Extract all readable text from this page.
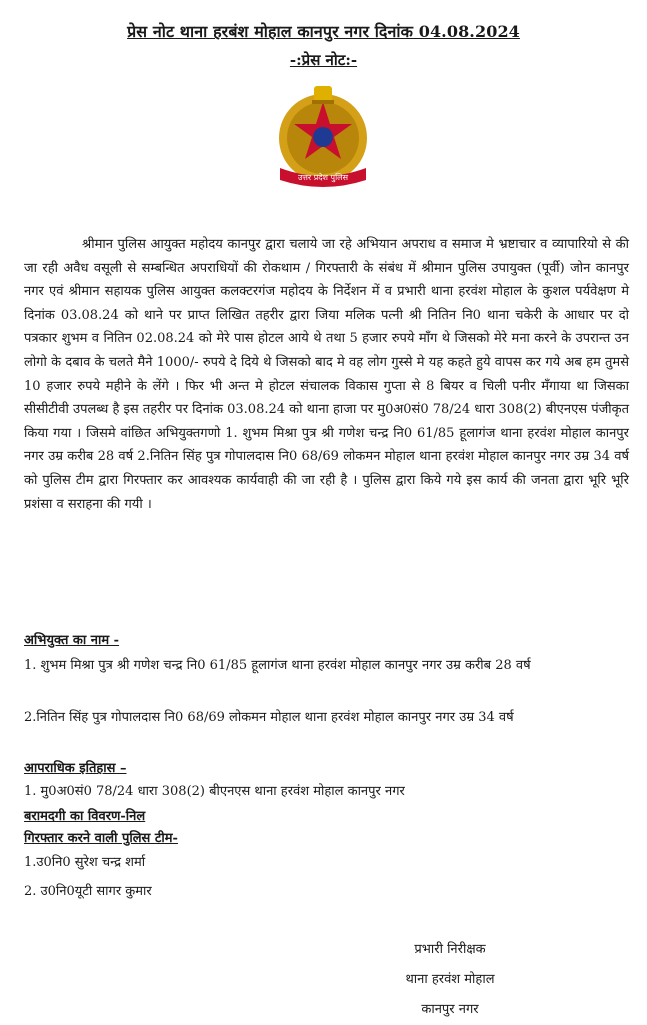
प्रेस नोट थाना हरबंश मोहाल कानपुर नगर दिनांक 04.08.2024
-:प्रेस नोट:-
उत्तर प्रदेश पुलिस
श्रीमान पुलिस आयुक्त महोदय कानपुर द्वारा चलाये जा रहे अभियान अपराध व समाज मे भ्रष्टाचार व व्यापारियो से की जा रही अवैध वसूली से सम्बन्धित अपराधियों की रोकथाम / गिरफ्तारी के संबंध में श्रीमान पुलिस उपायुक्त (पूर्वी) जोन कानपुर नगर एवं श्रीमान सहायक पुलिस आयुक्त कलक्टरगंज महोदय के निर्देशन में व प्रभारी थाना हरवंश मोहाल के कुशल पर्यवेक्षण मे दिनांक 03.08.24 को थाने पर प्राप्त लिखित तहरीर द्वारा जिया मलिक पत्नी श्री नितिन नि0 थाना चकेरी के आधार पर दो पत्रकार शुभम व नितिन 02.08.24 को मेरे पास होटल आये थे तथा 5 हजार रुपये माँग थे जिसको मेरे मना करने के उपरान्त उन लोगो के दबाव के चलते मैने 1000/- रुपये दे दिये थे जिसको बाद मे वह लोग गुस्से मे यह कहते हुये वापस कर गये अब हम तुमसे 10 हजार रुपये महीने के लेंगे । फिर भी अन्त मे होटल संचालक विकास गुप्ता से 8 बियर व चिली पनीर मँगाया था जिसका सीसीटीवी उपलब्ध है इस तहरीर पर दिनांक 03.08.24 को थाना हाजा पर मु0अ0सं0 78/24 धारा 308(2) बीएनएस पंजीकृत किया गया । जिसमे वांछित अभियुक्तगणो 1. शुभम मिश्रा पुत्र श्री गणेश चन्द्र नि0 61/85 हूलागंज थाना हरवंश मोहाल कानपुर नगर उम्र करीब 28 वर्ष 2.नितिन सिंह पुत्र गोपालदास नि0 68/69 लोकमन मोहाल थाना हरवंश मोहाल कानपुर नगर उम्र 34 वर्ष को पुलिस टीम द्वारा गिरफ्तार कर आवश्यक कार्यवाही की जा रही है । पुलिस द्वारा किये गये इस कार्य की जनता द्वारा भूरि भूरि प्रशंसा व सराहना की गयी ।
अभियुक्त का नाम -
1. शुभम मिश्रा पुत्र श्री गणेश चन्द्र नि0 61/85 हूलागंज थाना हरवंश मोहाल कानपुर नगर उम्र करीब 28 वर्ष
2.नितिन सिंह पुत्र गोपालदास नि0 68/69 लोकमन मोहाल थाना हरवंश मोहाल कानपुर नगर उम्र 34 वर्ष
आपराधिक इतिहास –
1. मु0अ0सं0 78/24 धारा 308(2) बीएनएस थाना हरवंश मोहाल कानपुर नगर
बरामदगी का विवरण-निल
गिरफ्तार करने वाली पुलिस टीम-
1.उ0नि0 सुरेश चन्द्र शर्मा
2. उ0नि0यूटी सागर कुमार
प्रभारी निरीक्षक
थाना हरवंश मोहाल
कानपुर नगर
